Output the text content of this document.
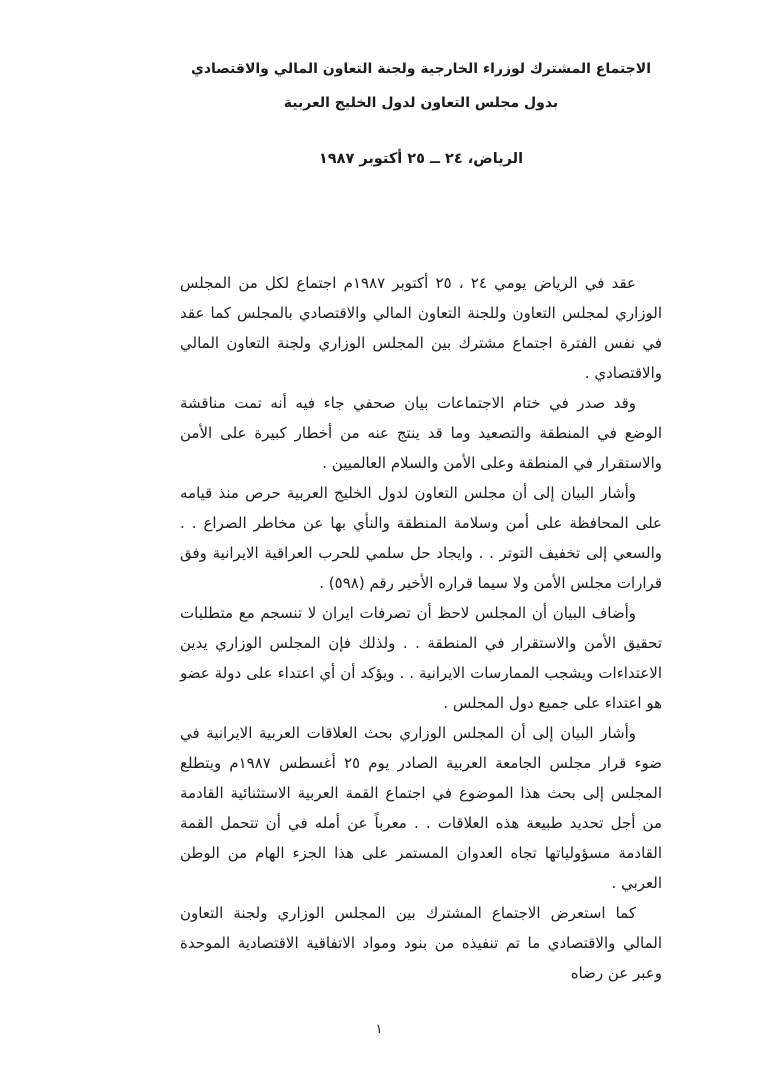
الاجتماع المشترك لوزراء الخارجية ولجنة التعاون المالي والاقتصادي
بدول مجلس التعاون لدول الخليج العربية
الرياض، ٢٤ ــ ٢٥ أكتوبر ١٩٨٧

عقد في الرياض يومي ٢٤ ، ٢٥ أكتوبر ١٩٨٧م اجتماع لكل من المجلس الوزاري لمجلس التعاون وللجنة التعاون المالي والاقتصادي بالمجلس كما عقد في نفس الفترة اجتماع مشترك بين المجلس الوزاري ولجنة التعاون المالي والاقتصادي .

وقد صدر في ختام الاجتماعات بيان صحفي جاء فيه أنه تمت مناقشة الوضع في المنطقة والتصعيد وما قد ينتج عنه من أخطار كبيرة على الأمن والاستقرار في المنطقة وعلى الأمن والسلام العالميين .

وأشار البيان إلى أن مجلس التعاون لدول الخليج العربية حرص منذ قيامه على المحافظة على أمن وسلامة المنطقة والنأي بها عن مخاطر الصراع . . والسعي إلى تخفيف التوتر . . وايجاد حل سلمي للحرب العراقية الايرانية وفق قرارات مجلس الأمن ولا سيما قراره الأخير رقم (٥٩٨) .

وأضاف البيان أن المجلس لاحظ أن تصرفات ايران لا تنسجم مع متطلبات تحقيق الأمن والاستقرار في المنطقة . . ولذلك فإن المجلس الوزاري يدين الاعتداءات ويشجب الممارسات الايرانية . . ويؤكد أن أي اعتداء على دولة عضو هو اعتداء على جميع دول المجلس .

وأشار البيان إلى أن المجلس الوزاري بحث العلاقات العربية الايرانية في ضوء قرار مجلس الجامعة العربية الصادر يوم ٢٥ أغسطس ١٩٨٧م ويتطلع المجلس إلى بحث هذا الموضوع في اجتماع القمة العربية الاستثنائية القادمة من أجل تحديد طبيعة هذه العلاقات . . معرباً عن أمله في أن تتحمل القمة القادمة مسؤولياتها تجاه العدوان المستمر على هذا الجزء الهام من الوطن العربي .

كما استعرض الاجتماع المشترك بين المجلس الوزاري ولجنة التعاون المالي والاقتصادي ما تم تنفيذه من بنود ومواد الاتفاقية الاقتصادية الموحدة وعبر عن رضاه

١
